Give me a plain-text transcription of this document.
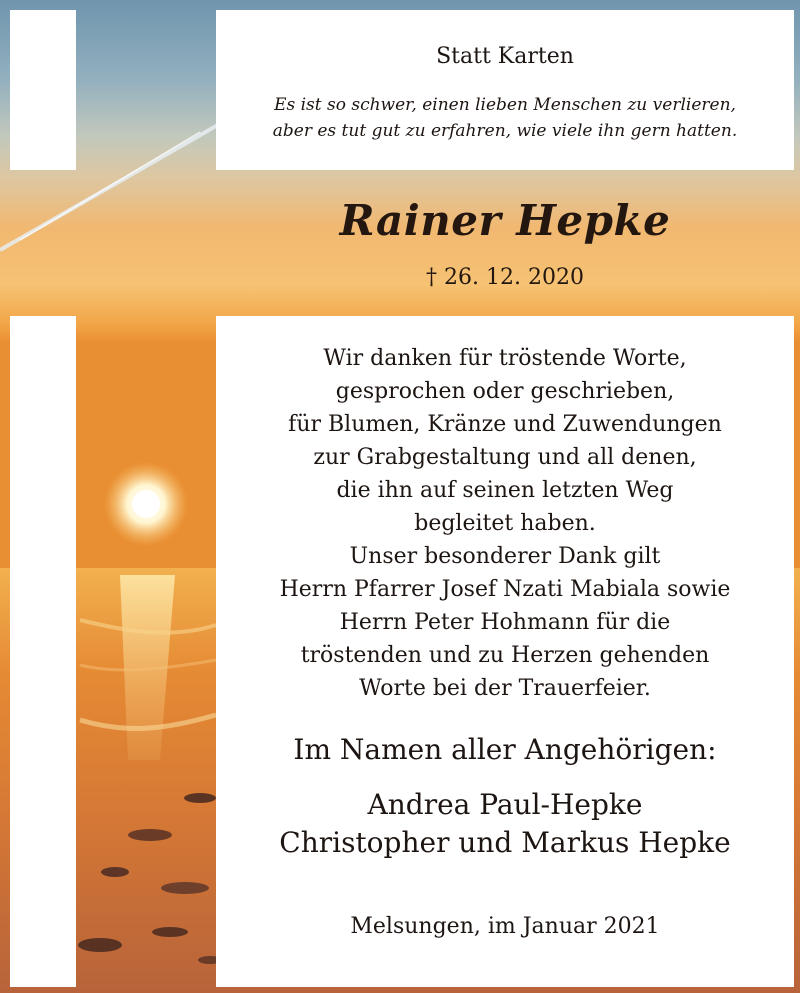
Statt Karten
Es ist so schwer, einen lieben Menschen zu verlieren,
aber es tut gut zu erfahren, wie viele ihn gern hatten.
Rainer Hepke
† 26. 12. 2020
Wir danken für tröstende Worte,
gesprochen oder geschrieben,
für Blumen, Kränze und Zuwendungen
zur Grabgestaltung und all denen,
die ihn auf seinen letzten Weg
begleitet haben.
Unser besonderer Dank gilt
Herrn Pfarrer Josef Nzati Mabiala sowie
Herrn Peter Hohmann für die
tröstenden und zu Herzen gehenden
Worte bei der Trauerfeier.
Im Namen aller Angehörigen:
Andrea Paul-Hepke
Christopher und Markus Hepke
Melsungen, im Januar 2021
